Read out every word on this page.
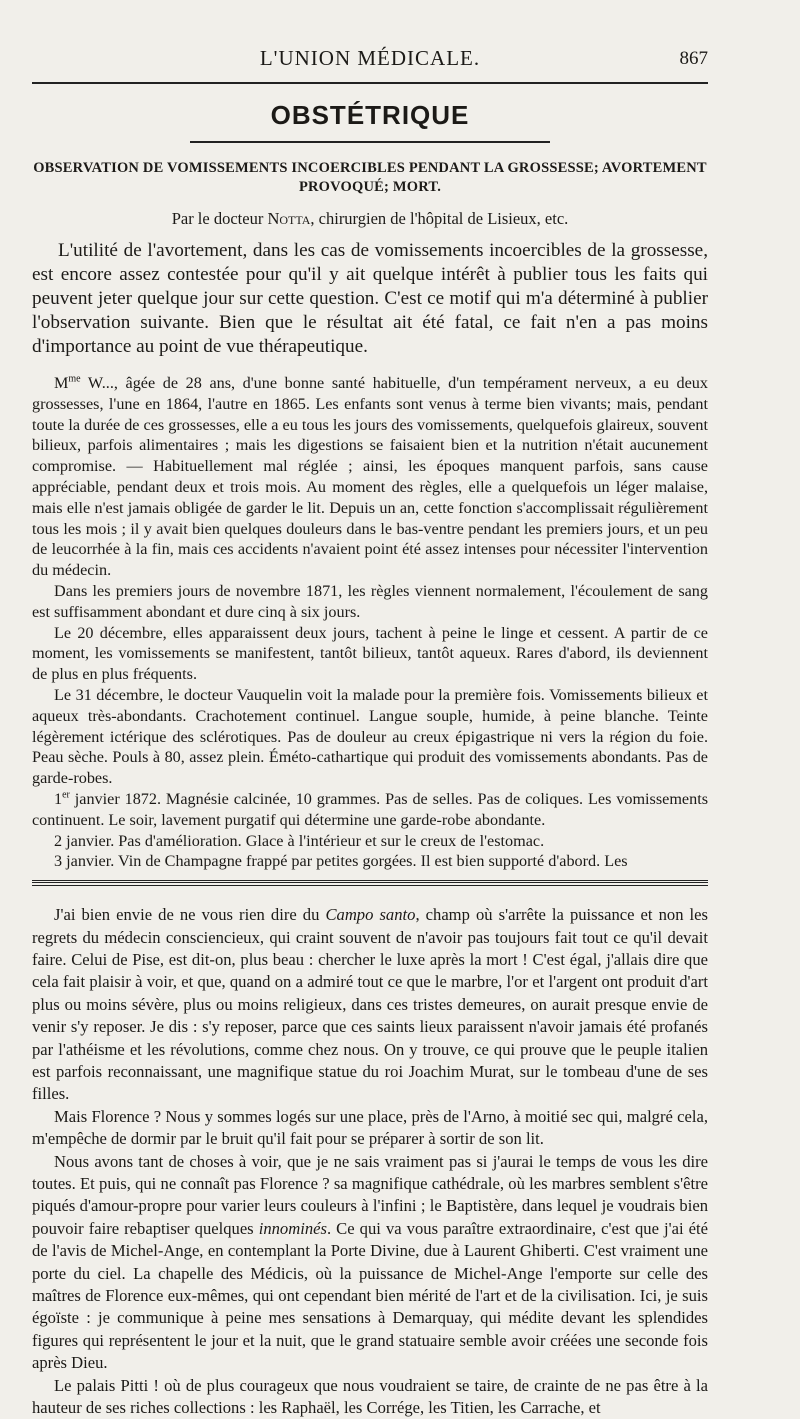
L'UNION MÉDICALE.	867
OBSTÉTRIQUE
OBSERVATION DE VOMISSEMENTS INCOERCIBLES PENDANT LA GROSSESSE; AVORTEMENT
PROVOQUÉ; MORT.
Par le docteur Notta, chirurgien de l'hôpital de Lisieux, etc.

L'utilité de l'avortement, dans les cas de vomissements incoercibles de la grossesse, est encore assez contestée pour qu'il y ait quelque intérêt à publier tous les faits qui peuvent jeter quelque jour sur cette question. C'est ce motif qui m'a déterminé à publier l'observation suivante. Bien que le résultat ait été fatal, ce fait n'en a pas moins d'importance au point de vue thérapeutique.

$M^{me}$ W..., âgée de 28 ans, d'une bonne santé habituelle, d'un tempérament nerveux, a eu deux grossesses, l'une en 1864, l'autre en 1865. Les enfants sont venus à terme bien vivants; mais, pendant toute la durée de ces grossesses, elle a eu tous les jours des vomissements, quelquefois glaireux, souvent bilieux, parfois alimentaires ; mais les digestions se faisaient bien et la nutrition n'était aucunement compromise. — Habituellement mal réglée ; ainsi, les époques manquent parfois, sans cause appréciable, pendant deux et trois mois. Au moment des règles, elle a quelquefois un léger malaise, mais elle n'est jamais obligée de garder le lit. Depuis un an, cette fonction s'accomplissait régulièrement tous les mois ; il y avait bien quelques douleurs dans le bas-ventre pendant les premiers jours, et un peu de leucorrhée à la fin, mais ces accidents n'avaient point été assez intenses pour nécessiter l'intervention du médecin.

Dans les premiers jours de novembre 1871, les règles viennent normalement, l'écoulement de sang est suffisamment abondant et dure cinq à six jours.

Le 20 décembre, elles apparaissent deux jours, tachent à peine le linge et cessent. A partir de ce moment, les vomissements se manifestent, tantôt bilieux, tantôt aqueux. Rares d'abord, ils deviennent de plus en plus fréquents.

Le 31 décembre, le docteur Vauquelin voit la malade pour la première fois. Vomissements bilieux et aqueux très-abondants. Crachotement continuel. Langue souple, humide, à peine blanche. Teinte légèrement ictérique des sclérotiques. Pas de douleur au creux épigastrique ni vers la région du foie. Peau sèche. Pouls à 80, assez plein. Éméto-cathartique qui produit des vomissements abondants. Pas de garde-robes.

1er janvier 1872. Magnésie calcinée, 10 grammes. Pas de selles. Pas de coliques. Les vomissements continuent. Le soir, lavement purgatif qui détermine une garde-robe abondante.

2 janvier. Pas d'amélioration. Glace à l'intérieur et sur le creux de l'estomac.

3 janvier. Vin de Champagne frappé par petites gorgées. Il est bien supporté d'abord. Les

J'ai bien envie de ne vous rien dire du Campo santo, champ où s'arrête la puissance et non les regrets du médecin consciencieux, qui craint souvent de n'avoir pas toujours fait tout ce qu'il devait faire. Celui de Pise, est dit-on, plus beau : chercher le luxe après la mort ! C'est égal, j'allais dire que cela fait plaisir à voir, et que, quand on a admiré tout ce que le marbre, l'or et l'argent ont produit d'art plus ou moins sévère, plus ou moins religieux, dans ces tristes demeures, on aurait presque envie de venir s'y reposer. Je dis : s'y reposer, parce que ces saints lieux paraissent n'avoir jamais été profanés par l'athéisme et les révolutions, comme chez nous. On y trouve, ce qui prouve que le peuple italien est parfois reconnaissant, une magnifique statue du roi Joachim Murat, sur le tombeau d'une de ses filles.

Mais Florence ? Nous y sommes logés sur une place, près de l'Arno, à moitié sec qui, malgré cela, m'empêche de dormir par le bruit qu'il fait pour se préparer à sortir de son lit.

Nous avons tant de choses à voir, que je ne sais vraiment pas si j'aurai le temps de vous les dire toutes. Et puis, qui ne connaît pas Florence ? sa magnifique cathédrale, où les marbres semblent s'être piqués d'amour-propre pour varier leurs couleurs à l'infini ; le Baptistère, dans lequel je voudrais bien pouvoir faire rebaptiser quelques innominés. Ce qui va vous paraître extraordinaire, c'est que j'ai été de l'avis de Michel-Ange, en contemplant la Porte Divine, due à Laurent Ghiberti. C'est vraiment une porte du ciel. La chapelle des Médicis, où la puissance de Michel-Ange l'emporte sur celle des maîtres de Florence eux-mêmes, qui ont cependant bien mérité de l'art et de la civilisation. Ici, je suis égoïste : je communique à peine mes sensations à Demarquay, qui médite devant les splendides figures qui représentent le jour et la nuit, que le grand statuaire semble avoir créées une seconde fois après Dieu.

Le palais Pitti ! où de plus courageux que nous voudraient se taire, de crainte de ne pas être à la hauteur de ses riches collections : les Raphaël, les Corrége, les Titien, les Carrache, et
